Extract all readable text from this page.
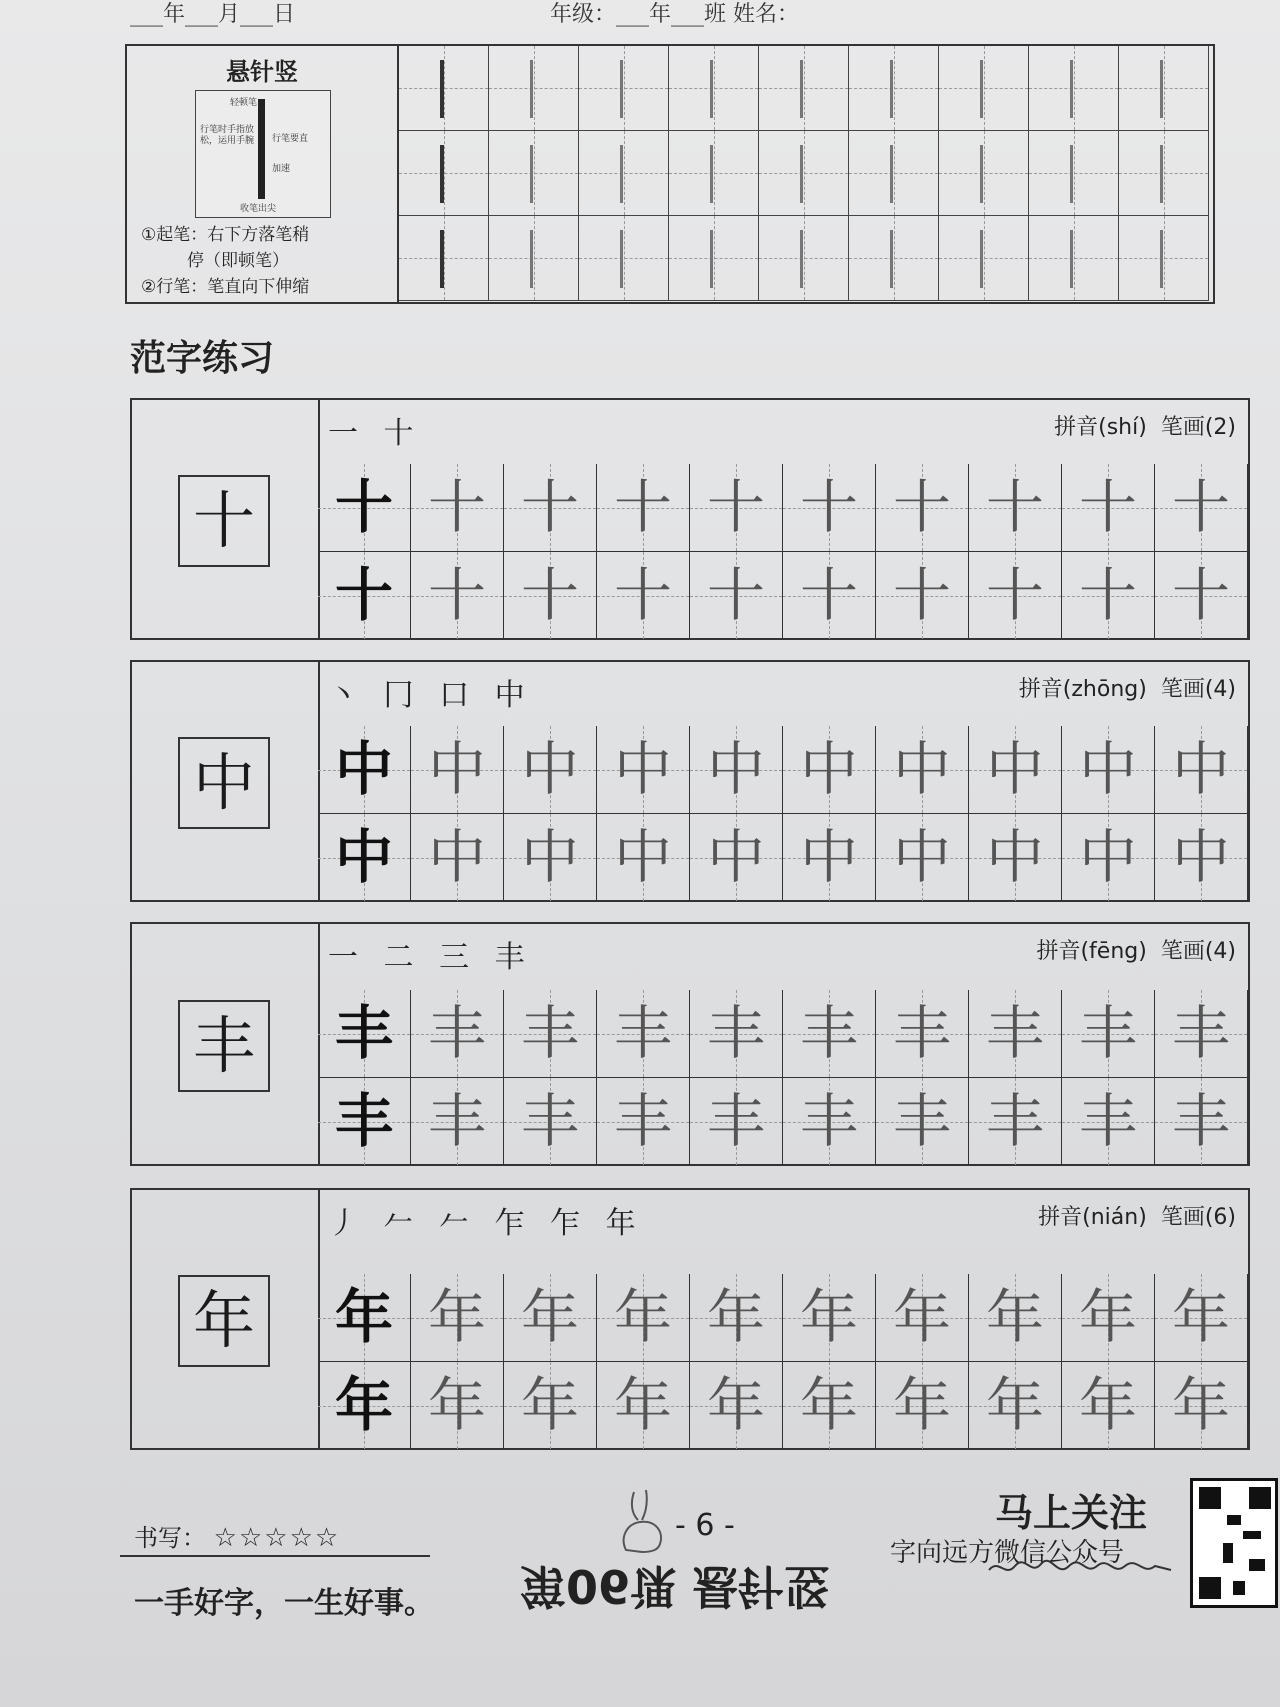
___年___月___日	年级：___年___班 姓名：
悬针竖
轻顿笔
行笔时手指放松，运用手腕	行笔要直
加速
收笔出尖
①起笔：右下方落笔稍
停（即顿笔）
②行笔：笔直向下伸缩
范字练习
十
一 十	拼音(shí) 笔画(2)
十 十 十 十 十 十 十 十 十 十
十 十 十 十 十 十 十 十 十 十
中
丶 冂 口 中	拼音(zhōng) 笔画(4)
中 中 中 中 中 中 中 中 中 中
中 中 中 中 中 中 中 中 中 中
丰
一 二 三 丰	拼音(fēng) 笔画(4)
丰 丰 丰 丰 丰 丰 丰 丰 丰 丰
丰 丰 丰 丰 丰 丰 丰 丰 丰 丰
年
丿 𠂉 𠂉 乍 乍 年	拼音(nián) 笔画(6)
年 年 年 年 年 年 年 年 年 年
年 年 年 年 年 年 年 年 年 年
书写： ☆☆☆☆☆
一手好字，一生好事。
- 6 -
第06课 悬针竖
马上关注
字向远方微信公众号
